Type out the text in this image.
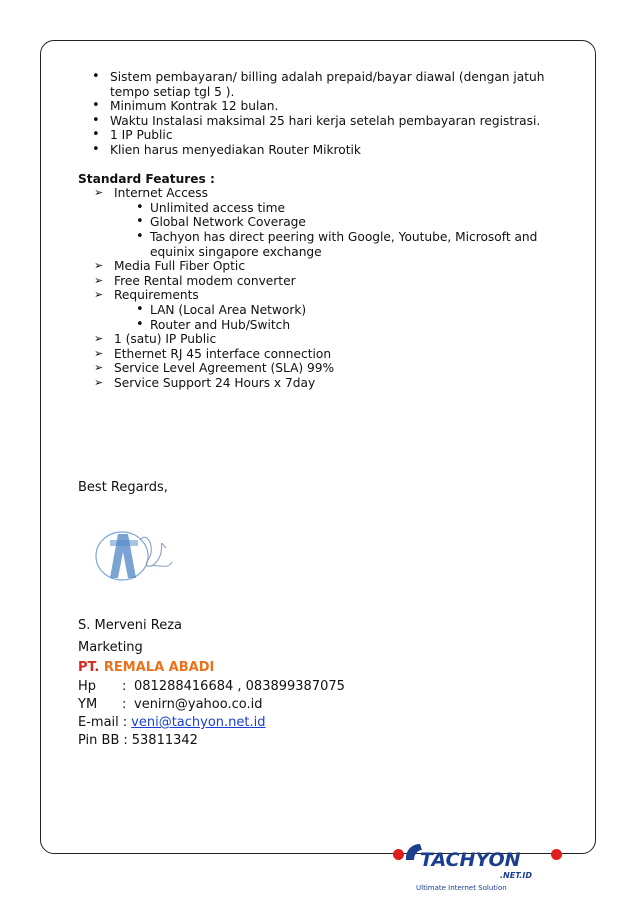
• Sistem pembayaran/ billing adalah prepaid/bayar diawal (dengan jatuh tempo setiap tgl 5 ).
• Minimum Kontrak 12 bulan.
• Waktu Instalasi maksimal 25 hari kerja setelah pembayaran registrasi.
• 1 IP Public
• Klien harus menyediakan Router Mikrotik
Standard Features :
➢ Internet Access
• Unlimited access time
• Global Network Coverage
• Tachyon has direct peering with Google, Youtube, Microsoft and equinix singapore exchange
➢ Media Full Fiber Optic
➢ Free Rental modem converter
➢ Requirements
• LAN (Local Area Network)
• Router and Hub/Switch
➢ 1 (satu) IP Public
➢ Ethernet RJ 45 interface connection
➢ Service Level Agreement (SLA) 99%
➢ Service Support 24 Hours x 7day
Best Regards,
S. Merveni Reza
Marketing
PT. REMALA ABADI
Hp	: 081288416684 , 083899387075
YM	: venirn@yahoo.co.id
E-mail : veni@tachyon.net.id
Pin BB : 53811342
TACHYON
.NET.ID
Ultimate Internet Solution
